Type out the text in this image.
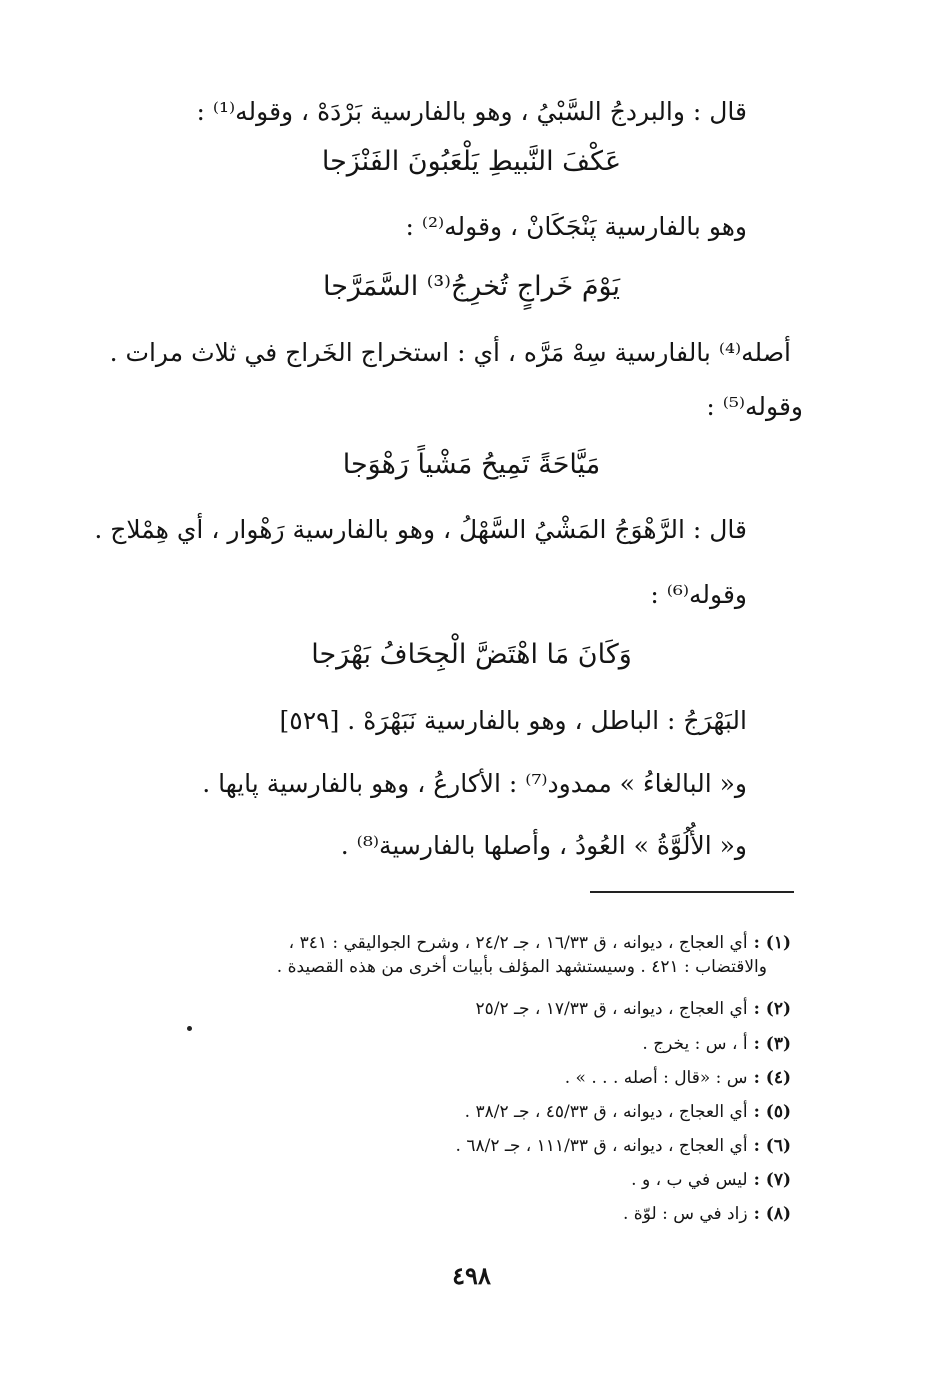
قال : والبردجُ السَّبْيُ ، وهو بالفارسية بَرْدَهْ ، وقوله⁽¹⁾ :
عَكْفَ النَّبيطِ يَلْعَبُونَ الفَنْزَجا
وهو بالفارسية پَنْجَكَانْ ، وقوله⁽²⁾ :
يَوْمَ خَراجٍ تُخرِجُ⁽³⁾ السَّمَرَّجا
أصله⁽⁴⁾ بالفارسية سِهْ مَرَّه ، أي : استخراج الخَراج في ثلاث مرات .
وقوله⁽⁵⁾ :
مَيَّاحَةً تَمِيحُ مَشْياً رَهْوَجا
قال : الرَّهْوَجُ المَشْيُ السَّهْلُ ، وهو بالفارسية رَهْوار ، أي هِمْلاج .
وقوله⁽⁶⁾ :
وَكَانَ مَا اهْتَضَّ الْجِحَافُ بَهْرَجا
البَهْرَجُ : الباطل ، وهو بالفارسية نَبَهْرَهْ . [٥٢٩]
و« البالغاءُ » ممدود⁽⁷⁾ : الأكارعُ ، وهو بالفارسية پايها .
و« الأُلُوَّةُ » العُودُ ، وأصلها بالفارسية⁽⁸⁾ .
(١) :أي العجاج ، ديوانه ، ق ١٦/٣٣ ، جـ ٢٤/٢ ، وشرح الجواليقي : ٣٤١ ،
والاقتضاب : ٤٢١ . وسيستشهد المؤلف بأبيات أخرى من هذه القصيدة .
(٢) :أي العجاج ، ديوانه ، ق ١٧/٣٣ ، جـ ٢٥/٢
(٣) :أ ، س : يخرج .
(٤) :س : «قال : أصله . . . » .
(٥) :أي العجاج ، ديوانه ، ق ٤٥/٣٣ ، جـ ٣٨/٢ .
(٦) :أي العجاج ، ديوانه ، ق ١١١/٣٣ ، جـ ٦٨/٢ .
(٧) :ليس في ب ، و .
(٨) :زاد في س : لوّة .
٤٩٨
